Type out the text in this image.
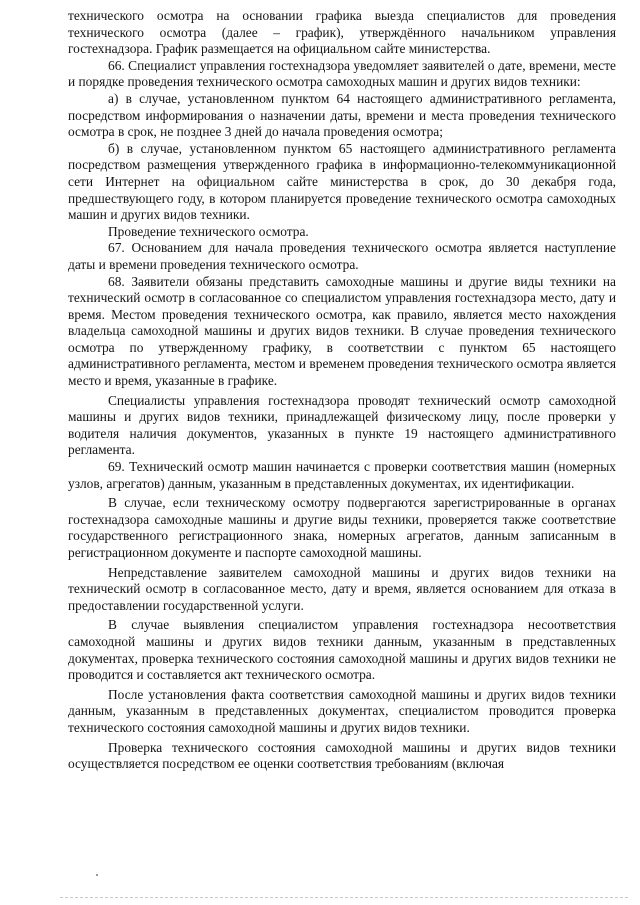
технического осмотра на основании графика выезда специалистов для проведения технического осмотра (далее – график), утверждённого начальником управления гостехнадзора. График размещается на официальном сайте министерства.

66. Специалист управления гостехнадзора уведомляет заявителей о дате, времени, месте и порядке проведения технического осмотра самоходных машин и других видов техники:

а) в случае, установленном пунктом 64 настоящего административного регламента, посредством информирования о назначении даты, времени и места проведения технического осмотра в срок, не позднее 3 дней до начала проведения осмотра;

б) в случае, установленном пунктом 65 настоящего административного регламента посредством размещения утвержденного графика в информационно-телекоммуникационной сети Интернет на официальном сайте министерства в срок, до 30 декабря года, предшествующего году, в котором планируется проведение технического осмотра самоходных машин и других видов техники.

Проведение технического осмотра.

67. Основанием для начала проведения технического осмотра является наступление даты и времени проведения технического осмотра.

68. Заявители обязаны представить самоходные машины и другие виды техники на технический осмотр в согласованное со специалистом управления гостехнадзора место, дату и время. Местом проведения технического осмотра, как правило, является место нахождения владельца самоходной машины и других видов техники. В случае проведения технического осмотра по утвержденному графику, в соответствии с пунктом 65 настоящего административного регламента, местом и временем проведения технического осмотра является место и время, указанные в графике.

Специалисты управления гостехнадзора проводят технический осмотр самоходной машины и других видов техники, принадлежащей физическому лицу, после проверки у водителя наличия документов, указанных в пункте 19 настоящего административного регламента.

69. Технический осмотр машин начинается с проверки соответствия машин (номерных узлов, агрегатов) данным, указанным в представленных документах, их идентификации.

В случае, если техническому осмотру подвергаются зарегистрированные в органах гостехнадзора самоходные машины и другие виды техники, проверяется также соответствие государственного регистрационного знака, номерных агрегатов, данным записанным в регистрационном документе и паспорте самоходной машины.

Непредставление заявителем самоходной машины и других видов техники на технический осмотр в согласованное место, дату и время, является основанием для отказа в предоставлении государственной услуги.

В случае выявления специалистом управления гостехнадзора несоответствия самоходной машины и других видов техники данным, указанным в представленных документах, проверка технического состояния самоходной машины и других видов техники не проводится и составляется акт технического осмотра.

После установления факта соответствия самоходной машины и других видов техники данным, указанным в представленных документах, специалистом проводится проверка технического состояния самоходной машины и других видов техники.

Проверка технического состояния самоходной машины и других видов техники осуществляется посредством ее оценки соответствия требованиям (включая
